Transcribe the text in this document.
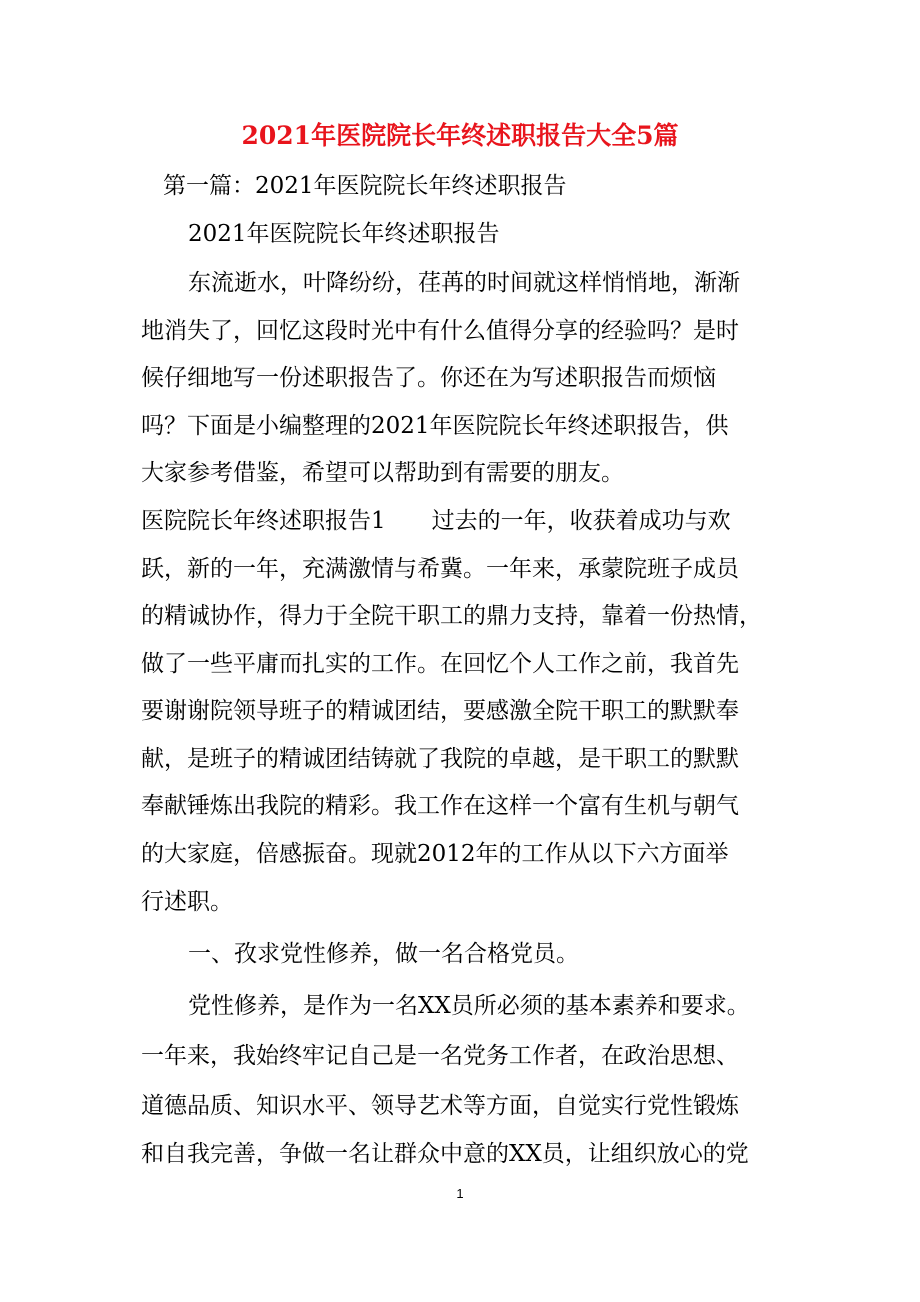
2021年医院院长年终述职报告大全5篇
第一篇：2021年医院院长年终述职报告
2021年医院院长年终述职报告
东流逝水，叶降纷纷，荏苒的时间就这样悄悄地，渐渐
地消失了，回忆这段时光中有什么值得分享的经验吗？是时
候仔细地写一份述职报告了。你还在为写述职报告而烦恼
吗？下面是小编整理的2021年医院院长年终述职报告，供
大家参考借鉴，希望可以帮助到有需要的朋友。
医院院长年终述职报告1　　过去的一年，收获着成功与欢
跃，新的一年，充满激情与希冀。一年来，承蒙院班子成员
的精诚协作，得力于全院干职工的鼎力支持，靠着一份热情，
做了一些平庸而扎实的工作。在回忆个人工作之前，我首先
要谢谢院领导班子的精诚团结，要感激全院干职工的默默奉
献，是班子的精诚团结铸就了我院的卓越，是干职工的默默
奉献锤炼出我院的精彩。我工作在这样一个富有生机与朝气
的大家庭，倍感振奋。现就2012年的工作从以下六方面举
行述职。
一、孜求党性修养，做一名合格党员。
党性修养，是作为一名XX员所必须的基本素养和要求。
一年来，我始终牢记自己是一名党务工作者，在政治思想、
道德品质、知识水平、领导艺术等方面，自觉实行党性锻炼
和自我完善，争做一名让群众中意的XX员，让组织放心的党
1
